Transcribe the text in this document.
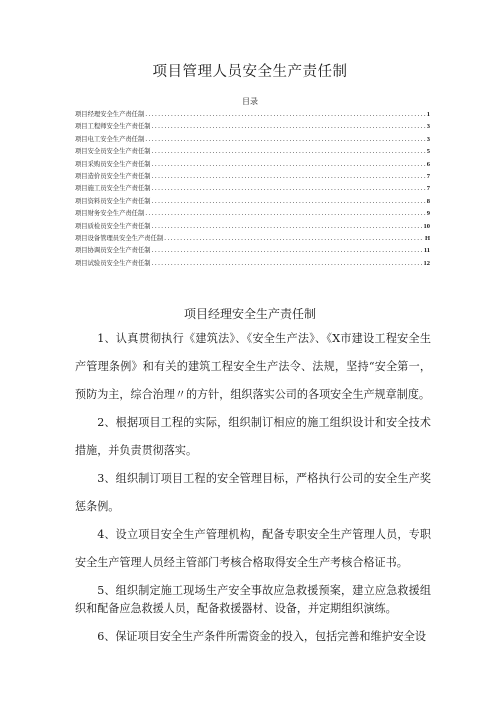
项目管理人员安全生产责任制
目录
项目经理安全生产责任制 .....	1
项目工程师安全生产责任制 .....	3
项目电工安全生产责任制 .....	3
项目安全员安全生产责任制 .....	5
项目采购员安全生产责任制 .....	6
项目造价员安全生产责任制 .....	7
项目施工员安全生产责任制 .....	7
项目资料员安全生产责任制 .....	8
项目财务安全生产责任制 .....	9
项目质检员安全生产责任制 .....	10
项目设备管理员安全生产责任制 .....	H
项目协调员安全生产责任制 .....	11
项目试验员安全生产责任制 .....	12
项目经理安全生产责任制

1、认真贯彻执行《建筑法》、《安全生产法》、《X市建设工程安全生产管理条例》和有关的建筑工程安全生产法令、法规，坚持“安全第一，预防为主，综合治理〃的方针，组织落实公司的各项安全生产规章制度。

2、根据项目工程的实际，组织制订相应的施工组织设计和安全技术措施，并负责贯彻落实。

3、组织制订项目工程的安全管理目标，严格执行公司的安全生产奖惩条例。

4、设立项目安全生产管理机构，配备专职安全生产管理人员，专职安全生产管理人员经主管部门考核合格取得安全生产考核合格证书。

5、组织制定施工现场生产安全事故应急救援预案，建立应急救援组织和配备应急救援人员，配备救援器材、设备，并定期组织演练。

6、保证项目安全生产条件所需资金的投入，包括完善和维护安全设
